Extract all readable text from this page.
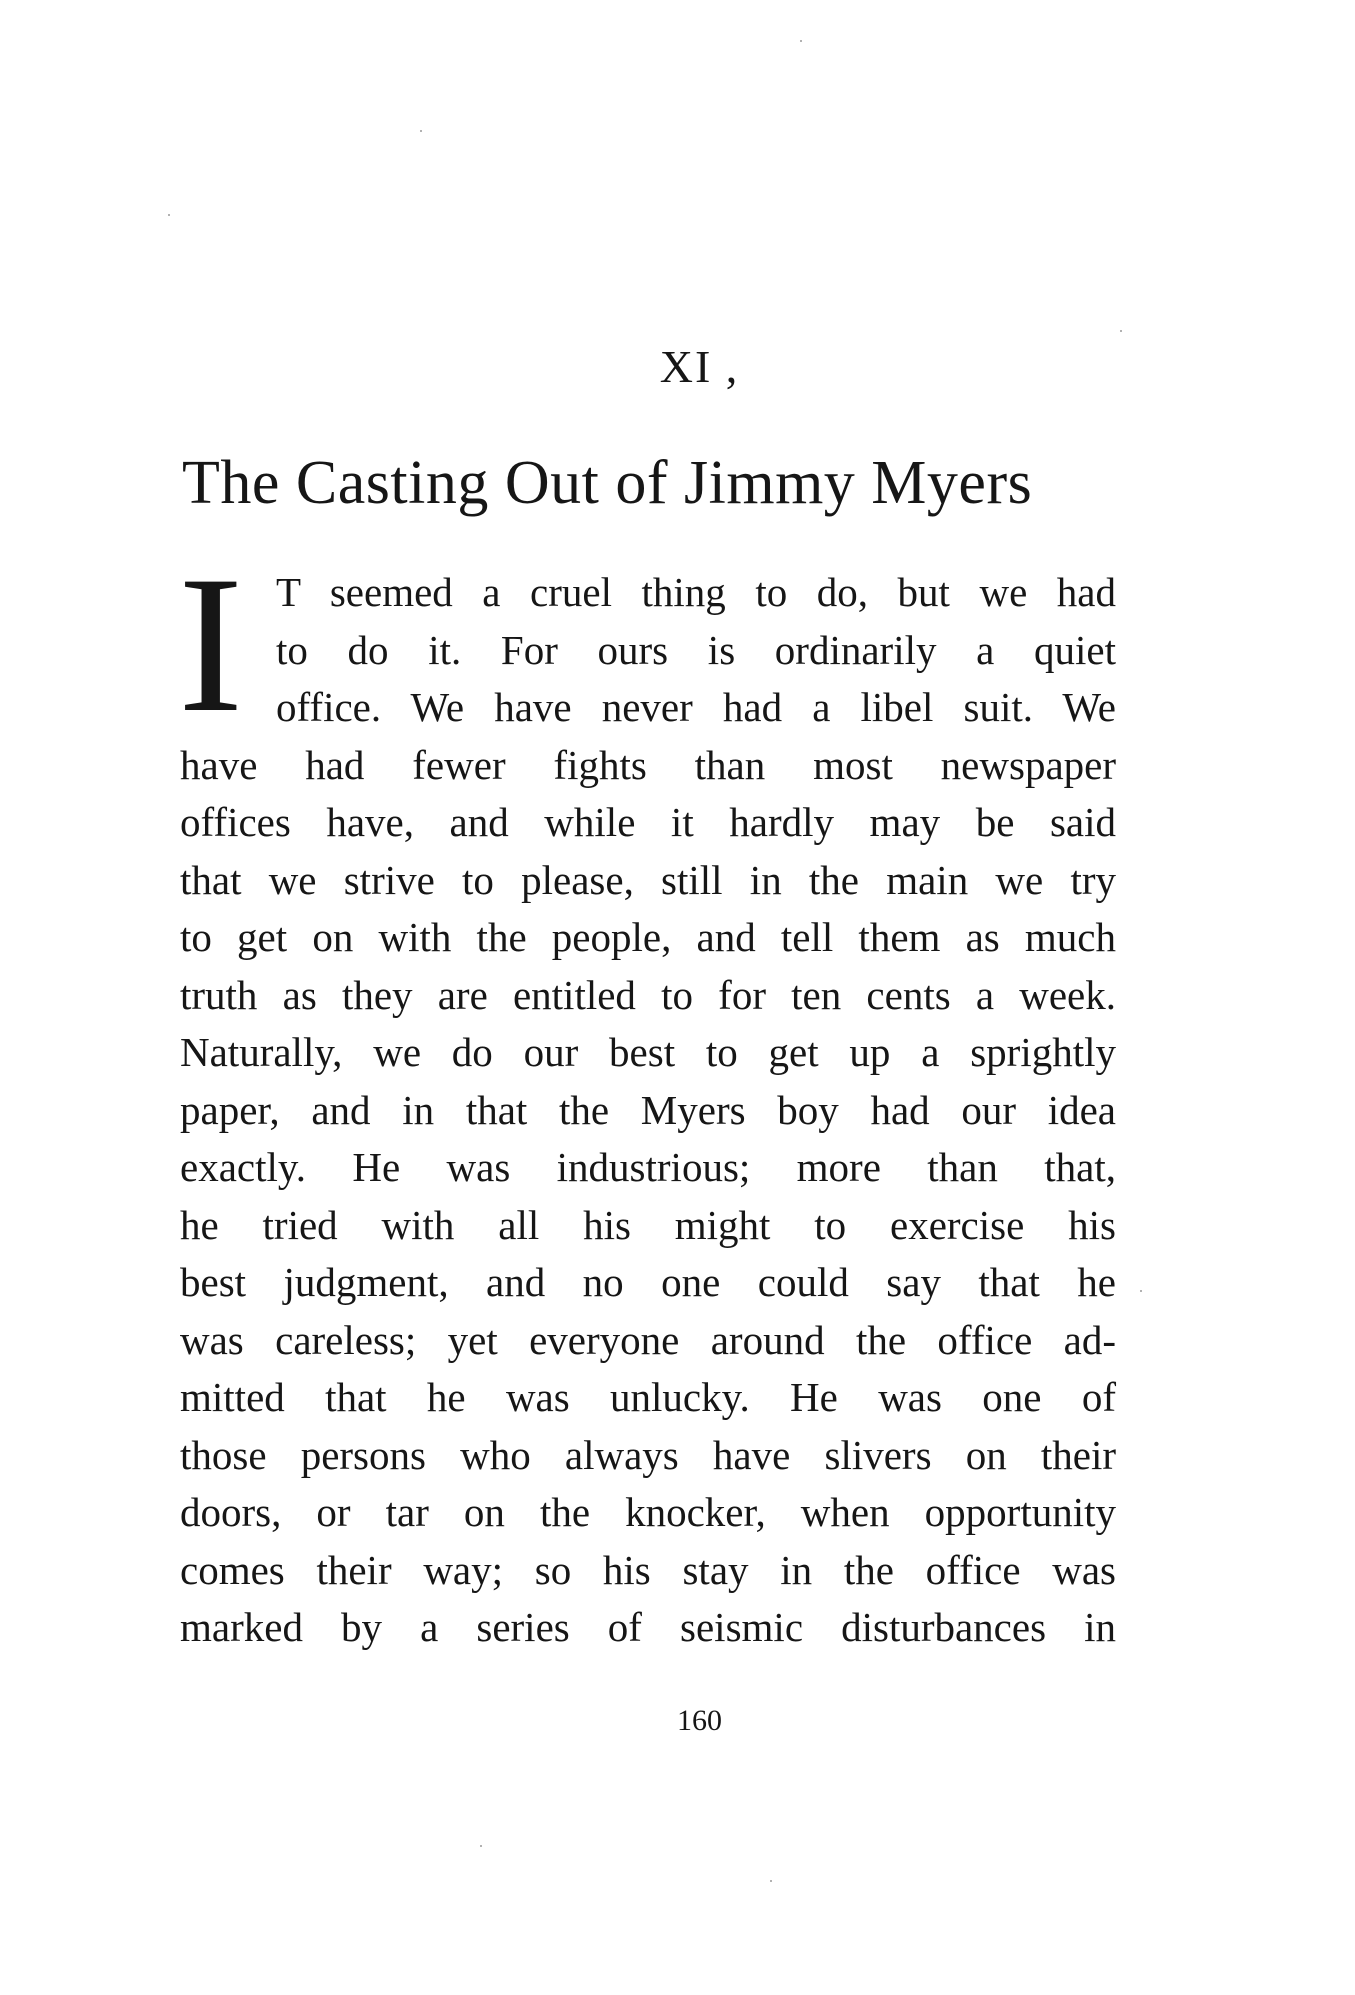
XI ,
The Casting Out of Jimmy Myers
I T seemed a cruel thing to do, but we had
to do it. For ours is ordinarily a quiet
office. We have never had a libel suit. We
have had fewer fights than most newspaper
offices have, and while it hardly may be said
that we strive to please, still in the main we try
to get on with the people, and tell them as much
truth as they are entitled to for ten cents a week.
Naturally, we do our best to get up a sprightly
paper, and in that the Myers boy had our idea
exactly. He was industrious; more than that,
he tried with all his might to exercise his
best judgment, and no one could say that he
was careless; yet everyone around the office ad-
mitted that he was unlucky. He was one of
those persons who always have slivers on their
doors, or tar on the knocker, when opportunity
comes their way; so his stay in the office was
marked by a series of seismic disturbances in
160
